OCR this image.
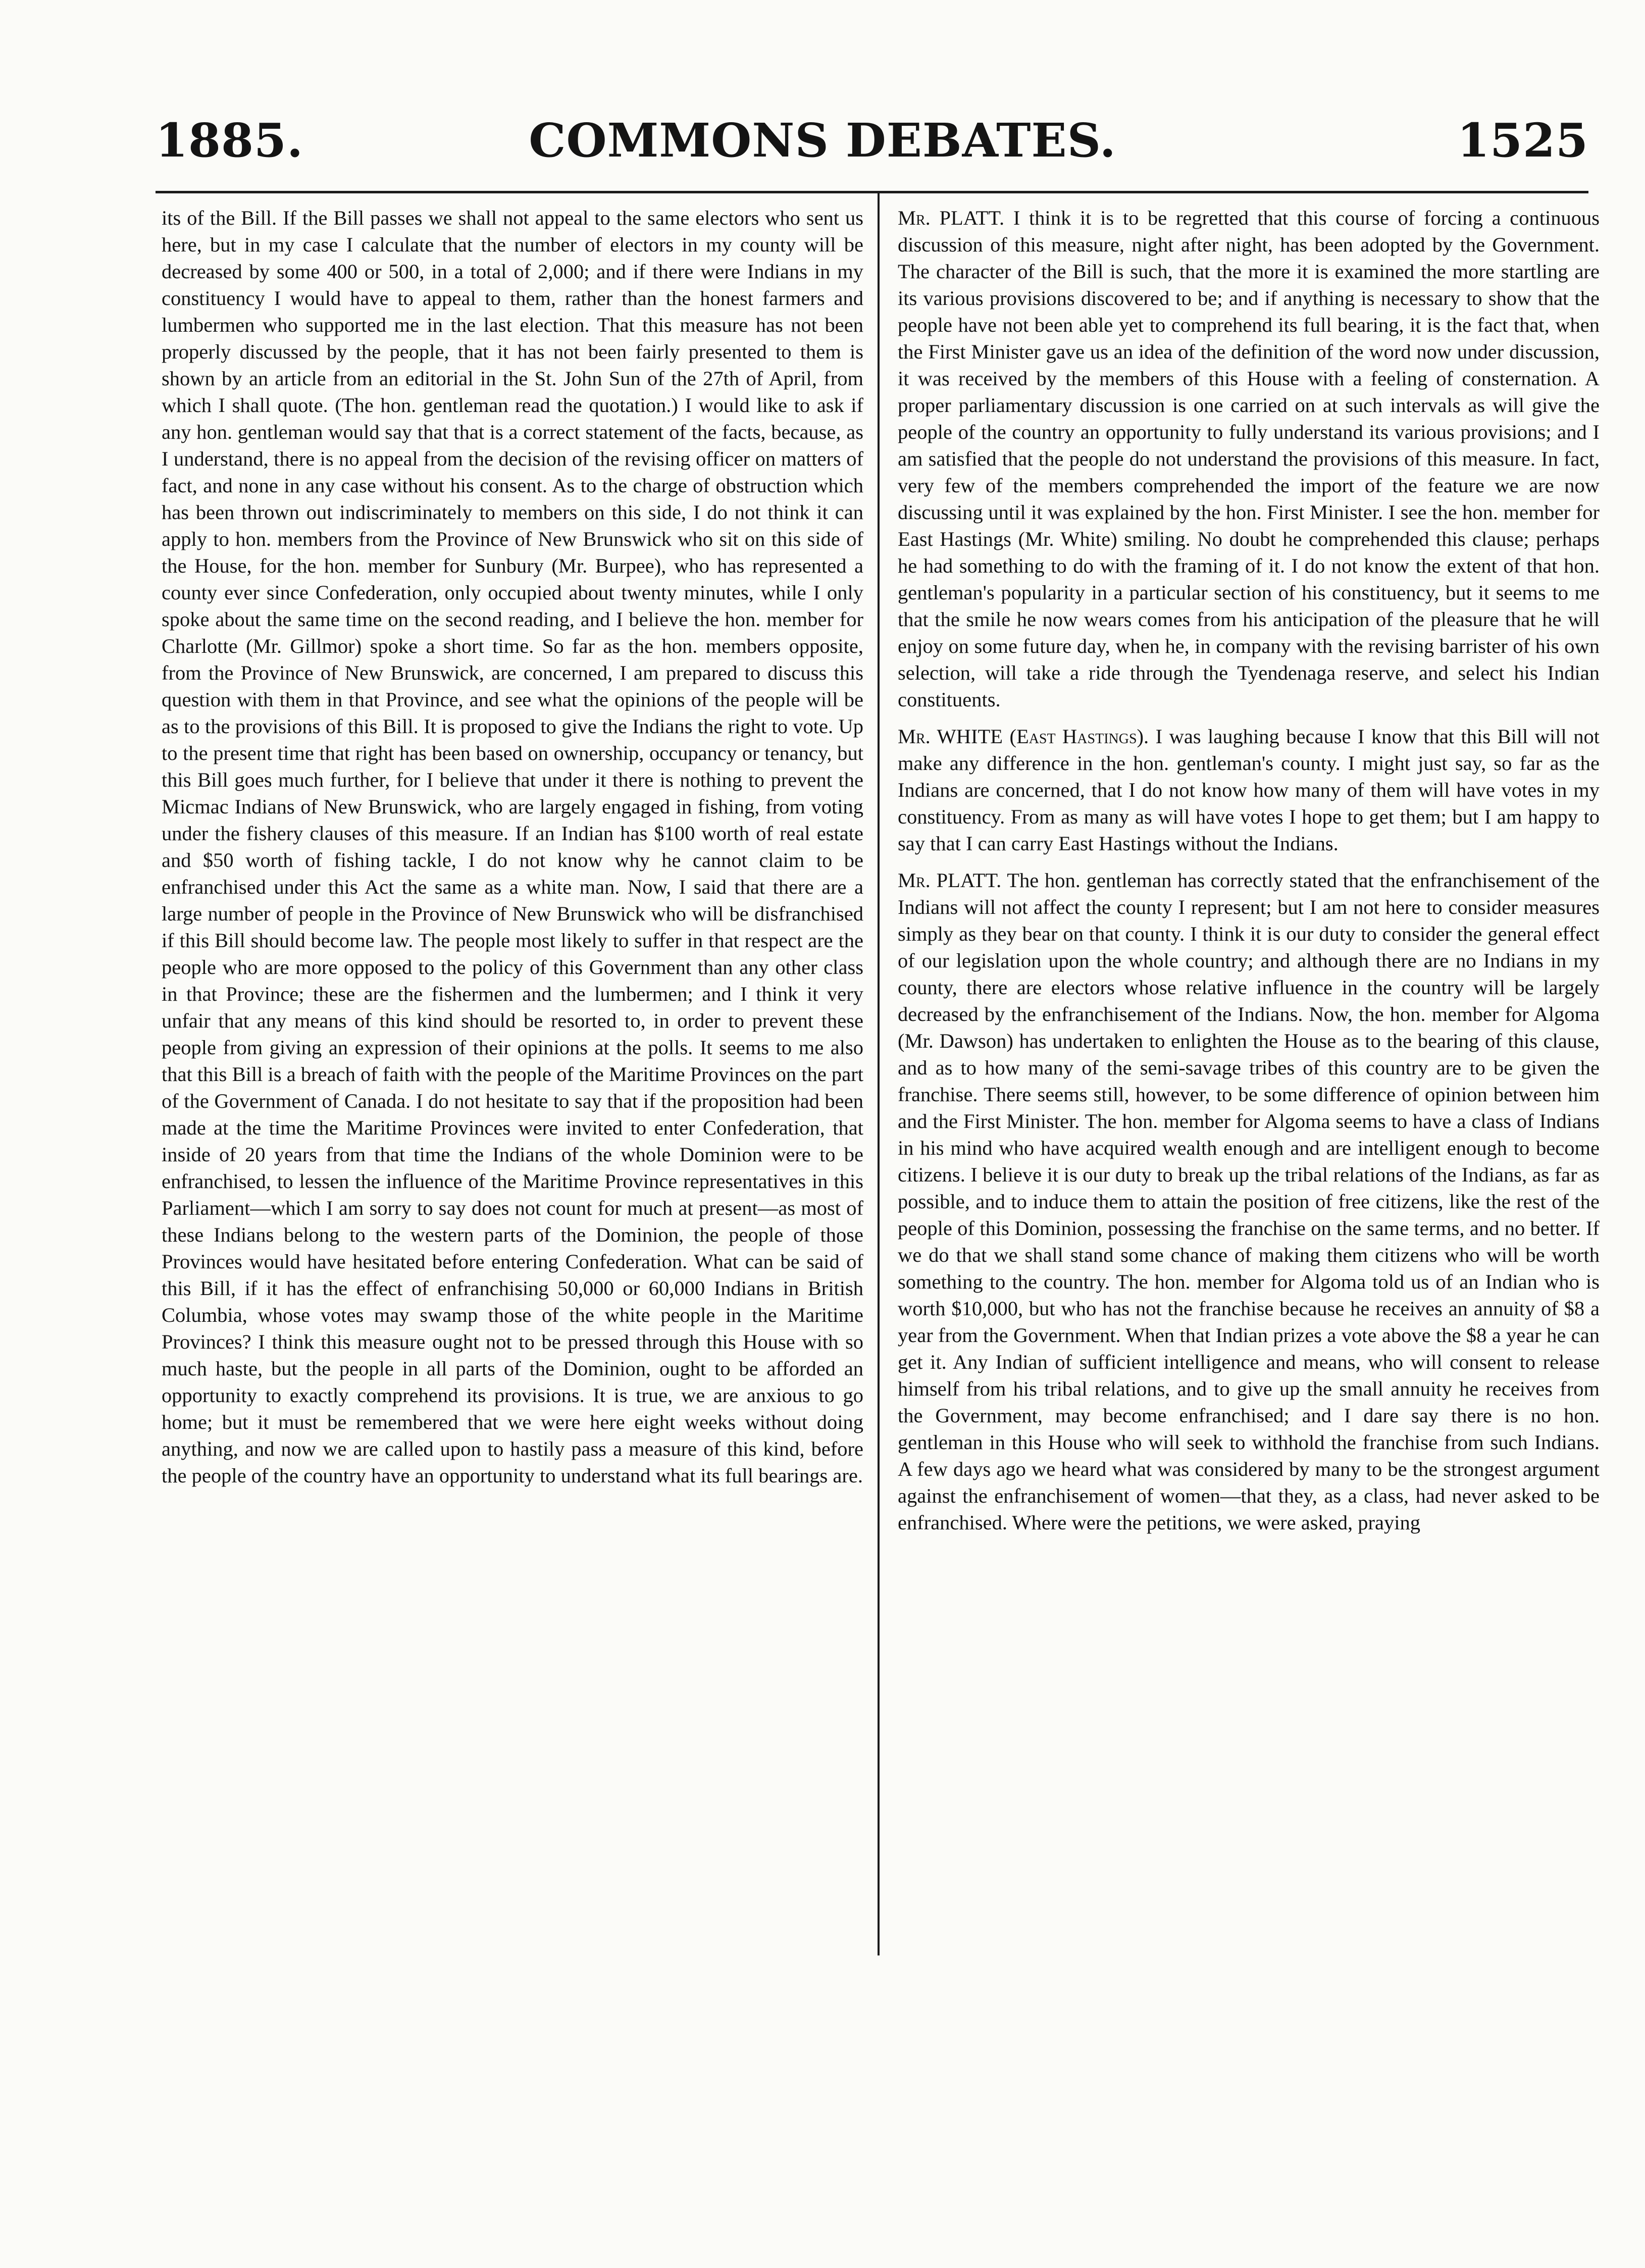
1885.	COMMONS DEBATES.	1525

its of the Bill. If the Bill passes we shall not appeal to the same electors who sent us here, but in my case I calculate that the number of electors in my county will be decreased by some 400 or 500, in a total of 2,000; and if there were Indians in my constituency I would have to appeal to them, rather than the honest farmers and lumbermen who supported me in the last election. That this measure has not been properly discussed by the people, that it has not been fairly presented to them is shown by an article from an editorial in the St. John Sun of the 27th of April, from which I shall quote. (The hon. gentleman read the quotation.) I would like to ask if any hon. gentleman would say that that is a correct statement of the facts, because, as I understand, there is no appeal from the decision of the revising officer on matters of fact, and none in any case without his consent. As to the charge of obstruction which has been thrown out indiscriminately to members on this side, I do not think it can apply to hon. members from the Province of New Brunswick who sit on this side of the House, for the hon. member for Sunbury (Mr. Burpee), who has represented a county ever since Confederation, only occupied about twenty minutes, while I only spoke about the same time on the second reading, and I believe the hon. member for Charlotte (Mr. Gillmor) spoke a short time. So far as the hon. members opposite, from the Province of New Brunswick, are concerned, I am prepared to discuss this question with them in that Province, and see what the opinions of the people will be as to the provisions of this Bill. It is proposed to give the Indians the right to vote. Up to the present time that right has been based on ownership, occupancy or tenancy, but this Bill goes much further, for I believe that under it there is nothing to prevent the Micmac Indians of New Brunswick, who are largely engaged in fishing, from voting under the fishery clauses of this measure. If an Indian has $100 worth of real estate and $50 worth of fishing tackle, I do not know why he cannot claim to be enfranchised under this Act the same as a white man. Now, I said that there are a large number of people in the Province of New Brunswick who will be disfranchised if this Bill should become law. The people most likely to suffer in that respect are the people who are more opposed to the policy of this Government than any other class in that Province; these are the fishermen and the lumbermen; and I think it very unfair that any means of this kind should be resorted to, in order to prevent these people from giving an expression of their opinions at the polls. It seems to me also that this Bill is a breach of faith with the people of the Maritime Provinces on the part of the Government of Canada. I do not hesitate to say that if the proposition had been made at the time the Maritime Provinces were invited to enter Confederation, that inside of 20 years from that time the Indians of the whole Dominion were to be enfranchised, to lessen the influence of the Maritime Province representatives in this Parliament—which I am sorry to say does not count for much at present—as most of these Indians belong to the western parts of the Dominion, the people of those Provinces would have hesitated before entering Confederation. What can be said of this Bill, if it has the effect of enfranchising 50,000 or 60,000 Indians in British Columbia, whose votes may swamp those of the white people in the Maritime Provinces? I think this measure ought not to be pressed through this House with so much haste, but the people in all parts of the Dominion, ought to be afforded an opportunity to exactly comprehend its provisions. It is true, we are anxious to go home; but it must be remembered that we were here eight weeks without doing anything, and now we are called upon to hastily pass a measure of this kind, before the people of the country have an opportunity to understand what its full bearings are.

Mr. PLATT. I think it is to be regretted that this course of forcing a continuous discussion of this measure, night after night, has been adopted by the Government. The character of the Bill is such, that the more it is examined the more startling are its various provisions discovered to be; and if anything is necessary to show that the people have not been able yet to comprehend its full bearing, it is the fact that, when the First Minister gave us an idea of the definition of the word now under discussion, it was received by the members of this House with a feeling of consternation. A proper parliamentary discussion is one carried on at such intervals as will give the people of the country an opportunity to fully understand its various provisions; and I am satisfied that the people do not understand the provisions of this measure. In fact, very few of the members comprehended the import of the feature we are now discussing until it was explained by the hon. First Minister. I see the hon. member for East Hastings (Mr. White) smiling. No doubt he comprehended this clause; perhaps he had something to do with the framing of it. I do not know the extent of that hon. gentleman's popularity in a particular section of his constituency, but it seems to me that the smile he now wears comes from his anticipation of the pleasure that he will enjoy on some future day, when he, in company with the revising barrister of his own selection, will take a ride through the Tyendenaga reserve, and select his Indian constituents.

Mr. WHITE (East Hastings). I was laughing because I know that this Bill will not make any difference in the hon. gentleman's county. I might just say, so far as the Indians are concerned, that I do not know how many of them will have votes in my constituency. From as many as will have votes I hope to get them; but I am happy to say that I can carry East Hastings without the Indians.

Mr. PLATT. The hon. gentleman has correctly stated that the enfranchisement of the Indians will not affect the county I represent; but I am not here to consider measures simply as they bear on that county. I think it is our duty to consider the general effect of our legislation upon the whole country; and although there are no Indians in my county, there are electors whose relative influence in the country will be largely decreased by the enfranchisement of the Indians. Now, the hon. member for Algoma (Mr. Dawson) has undertaken to enlighten the House as to the bearing of this clause, and as to how many of the semi-savage tribes of this country are to be given the franchise. There seems still, however, to be some difference of opinion between him and the First Minister. The hon. member for Algoma seems to have a class of Indians in his mind who have acquired wealth enough and are intelligent enough to become citizens. I believe it is our duty to break up the tribal relations of the Indians, as far as possible, and to induce them to attain the position of free citizens, like the rest of the people of this Dominion, possessing the franchise on the same terms, and no better. If we do that we shall stand some chance of making them citizens who will be worth something to the country. The hon. member for Algoma told us of an Indian who is worth $10,000, but who has not the franchise because he receives an annuity of $8 a year from the Government. When that Indian prizes a vote above the $8 a year he can get it. Any Indian of sufficient intelligence and means, who will consent to release himself from his tribal relations, and to give up the small annuity he receives from the Government, may become enfranchised; and I dare say there is no hon. gentleman in this House who will seek to withhold the franchise from such Indians. A few days ago we heard what was considered by many to be the strongest argument against the enfranchisement of women—that they, as a class, had never asked to be enfranchised. Where were the petitions, we were asked, praying
